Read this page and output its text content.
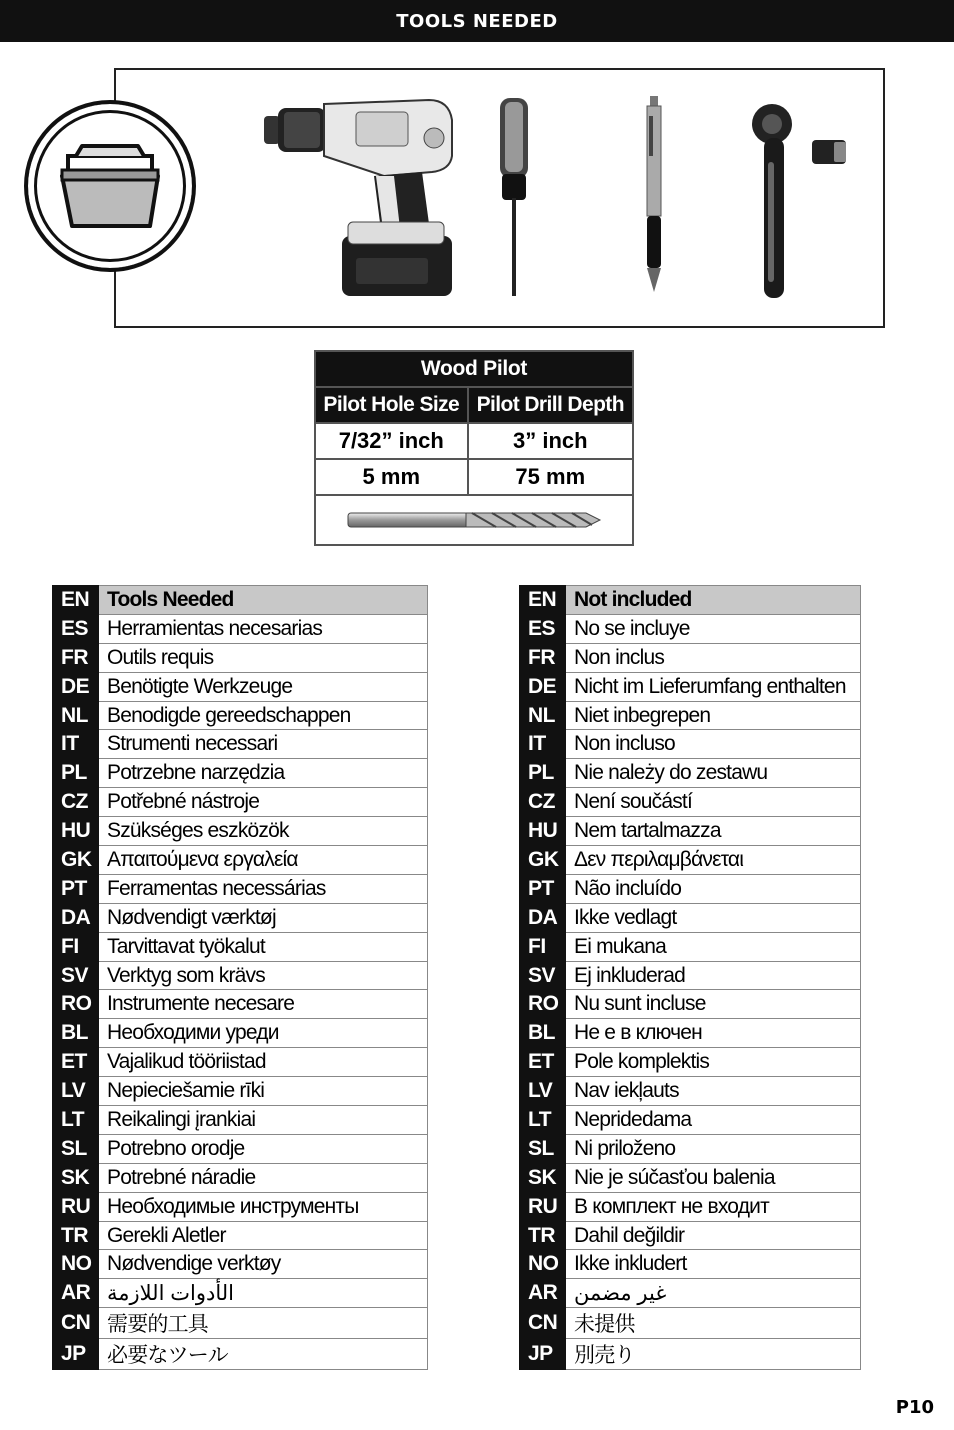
TOOLS NEEDED
Wood Pilot	
Pilot Hole Size	Pilot Drill Depth
7/32” inch	3” inch
5 mm	75 mm

EN	Tools Needed
ES	Herramientas necesarias
FR	Outils requis
DE	Benötigte Werkzeuge
NL	Benodigde gereedschappen
IT	Strumenti necessari
PL	Potrzebne narzędzia
CZ	Potřebné nástroje
HU	Szükséges eszközök
GK	Απαιτούμενα εργαλεία
PT	Ferramentas necessárias
DA	Nødvendigt værktøj
FI	Tarvittavat työkalut
SV	Verktyg som krävs
RO	Instrumente necesare
BL	Необходими уреди
ET	Vajalikud tööriistad
LV	Nepieciešamie rīki
LT	Reikalingi įrankiai
SL	Potrebno orodje
SK	Potrebné náradie
RU	Необходимые инструменты
TR	Gerekli Aletler
NO	Nødvendige verktøy
AR	الأدوات اللازمة
CN	需要的工具
JP	必要なツール
EN	Not included
ES	No se incluye
FR	Non inclus
DE	Nicht im Lieferumfang enthalten
NL	Niet inbegrepen
IT	Non incluso
PL	Nie należy do zestawu
CZ	Není součástí
HU	Nem tartalmazza
GK	Δεν περιλαμβάνεται
PT	Não incluído
DA	Ikke vedlagt
FI	Ei mukana
SV	Ej inkluderad
RO	Nu sunt incluse
BL	Не е в ключен
ET	Pole komplektis
LV	Nav iekļauts
LT	Nepridedama
SL	Ni priloženo
SK	Nie je súčasťou balenia
RU	В комплект не входит
TR	Dahil değildir
NO	Ikke inkludert
AR	غير مضمن
CN	未提供
JP	別売り
P10
